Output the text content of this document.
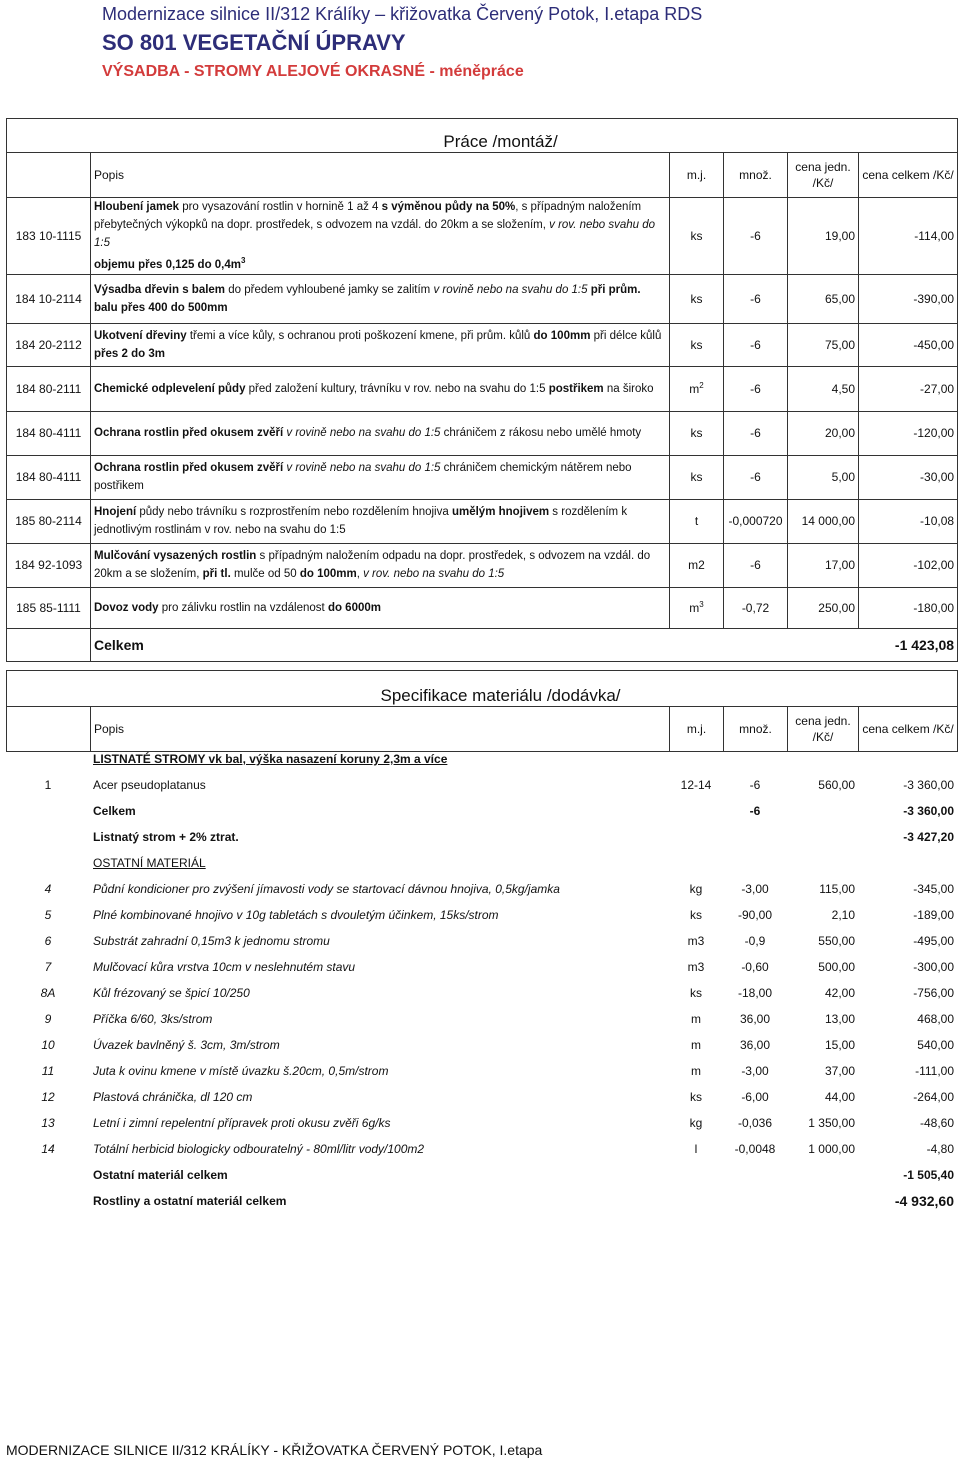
Modernizace silnice II/312 Králíky – křižovatka Červený Potok, I.etapa RDS
SO 801 VEGETAČNÍ ÚPRAVY
VÝSADBA - STROMY ALEJOVÉ OKRASNÉ - méněpráce
Práce /montáž/					
	Popis	m.j.	množ.	cena jedn.
/Kč/	cena celkem /Kč/
183 10-1115	Hloubení jamek pro vysazování rostlin v hornině 1 až 4 s výměnou půdy na 50%, s případným naložením přebytečných výkopků na dopr. prostředek, s odvozem na vzdál. do 20km a se složením, v rov. nebo svahu do 1:5
objemu přes 0,125 do $0,4m^3$	ks	-6	19,00	-114,00
184 10-2114	Výsadba dřevin s balem do předem vyhloubené jamky se zalitím v rovině nebo na svahu do 1:5 při prům. balu přes 400 do 500mm	ks	-6	65,00	-390,00
184 20-2112	Ukotvení dřeviny třemi a více kůly, s ochranou proti poškození kmene, při prům. kůlů do 100mm při délce kůlů přes 2 do 3m	ks	-6	75,00	-450,00
184 80-2111	Chemické odplevelení půdy před založení kultury, trávníku v rov. nebo na svahu do 1:5 postřikem na široko	$m^2$	-6	4,50	-27,00
184 80-4111	Ochrana rostlin před okusem zvěří v rovině nebo na svahu do 1:5 chráničem z rákosu nebo umělé hmoty	ks	-6	20,00	-120,00
184 80-4111	Ochrana rostlin před okusem zvěří v rovině nebo na svahu do 1:5 chráničem chemickým nátěrem nebo postřikem	ks	-6	5,00	-30,00
185 80-2114	Hnojení půdy nebo trávníku s rozprostřením nebo rozdělením hnojiva umělým hnojivem s rozdělením k jednotlivým rostlinám v rov. nebo na svahu do 1:5	t	-0,000720	14 000,00	-10,08
184 92-1093	Mulčování vysazených rostlin s případným naložením odpadu na dopr. prostředek, s odvozem na vzdál. do 20km a se složením, při tl. mulče od 50 do 100mm, v rov. nebo na svahu do 1:5	m2	-6	17,00	-102,00
185 85-1111	Dovoz vody pro zálivku rostlin na vzdálenost do 6000m	$m^3$	-0,72	250,00	-180,00
	Celkem			-1 423,08	
Specifikace materiálu /dodávka/
	Popis	m.j.	množ.	cena jedn.
/Kč/	cena celkem /Kč/
	LISTNATÉ STROMY vk bal, výška nasazení koruny 2,3m a více				
1	Acer pseudoplatanus	12-14	-6	560,00	-3 360,00
	Celkem		-6		-3 360,00
	Listnatý strom + 2% ztrat.				-3 427,20
	OSTATNÍ MATERIÁL				
4	Půdní kondicioner pro zvýšení jímavosti vody se startovací dávnou hnojiva, 0,5kg/jamka	kg	-3,00	115,00	-345,00
5	Plné kombinované hnojivo v 10g tabletách s dvouletým účinkem, 15ks/strom	ks	-90,00	2,10	-189,00
6	Substrát zahradní 0,15m3 k jednomu stromu	m3	-0,9	550,00	-495,00
7	Mulčovací kůra vrstva 10cm v neslehnutém stavu	m3	-0,60	500,00	-300,00
8A	Kůl frézovaný se špicí 10/250	ks	-18,00	42,00	-756,00
9	Příčka 6/60, 3ks/strom	m	36,00	13,00	468,00
10	Úvazek bavlněný š. 3cm, 3m/strom	m	36,00	15,00	540,00
11	Juta k ovinu kmene v místě úvazku š.20cm, 0,5m/strom	m	-3,00	37,00	-111,00
12	Plastová chránička, dl 120 cm	ks	-6,00	44,00	-264,00
13	Letní i zimní repelentní přípravek proti okusu zvěři 6g/ks	kg	-0,036	1 350,00	-48,60
14	Totální herbicid biologicky odbouratelný - 80ml/litr vody/100m2	l	-0,0048	1 000,00	-4,80
	Ostatní materiál celkem				-1 505,40
	Rostliny a ostatní materiál celkem				-4 932,60
MODERNIZACE SILNICE II/312 KRÁLÍKY - KŘIŽOVATKA ČERVENÝ POTOK, I.etapa
